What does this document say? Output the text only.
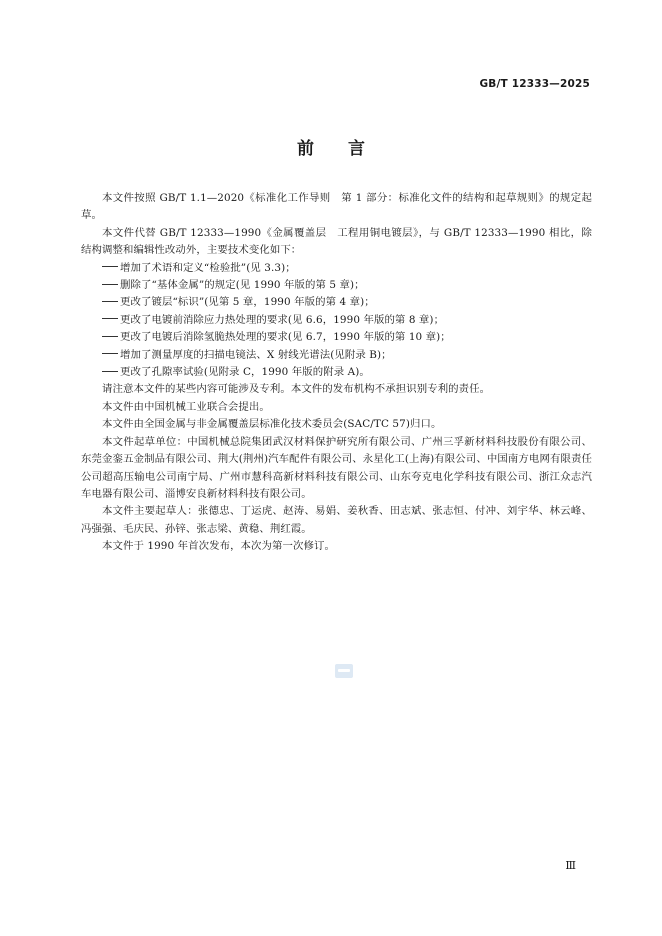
GB/T 12333—2025
前言

本文件按照 GB/T 1.1—2020《标准化工作导则　第 1 部分：标准化文件的结构和起草规则》的规定起草。

本文件代替 GB/T 12333—1990《金属覆盖层　工程用铜电镀层》，与 GB/T 12333—1990 相比，除结构调整和编辑性改动外，主要技术变化如下：

增加了术语和定义“检验批”(见 3.3)；
删除了“基体金属”的规定(见 1990 年版的第 5 章)；
更改了镀层“标识”(见第 5 章，1990 年版的第 4 章)；
更改了电镀前消除应力热处理的要求(见 6.6，1990 年版的第 8 章)；
更改了电镀后消除氢脆热处理的要求(见 6.7，1990 年版的第 10 章)；
增加了测量厚度的扫描电镜法、X 射线光谱法(见附录 B)；
更改了孔隙率试验(见附录 C，1990 年版的附录 A)。

请注意本文件的某些内容可能涉及专利。本文件的发布机构不承担识别专利的责任。

本文件由中国机械工业联合会提出。

本文件由全国金属与非金属覆盖层标准化技术委员会(SAC/TC 57)归口。

本文件起草单位：中国机械总院集团武汉材料保护研究所有限公司、广州三孚新材料科技股份有限公司、东莞金銮五金制品有限公司、荆大(荆州)汽车配件有限公司、永星化工(上海)有限公司、中国南方电网有限责任公司超高压输电公司南宁局、广州市慧科高新材料科技有限公司、山东夸克电化学科技有限公司、浙江众志汽车电器有限公司、淄博安良新材料科技有限公司。

本文件主要起草人：张德忠、丁运虎、赵涛、易娟、姜秋香、田志斌、张志恒、付冲、刘宇华、林云峰、冯强强、毛庆民、孙锌、张志梁、黄稳、荆红霞。

本文件于 1990 年首次发布，本次为第一次修订。

Ⅲ
